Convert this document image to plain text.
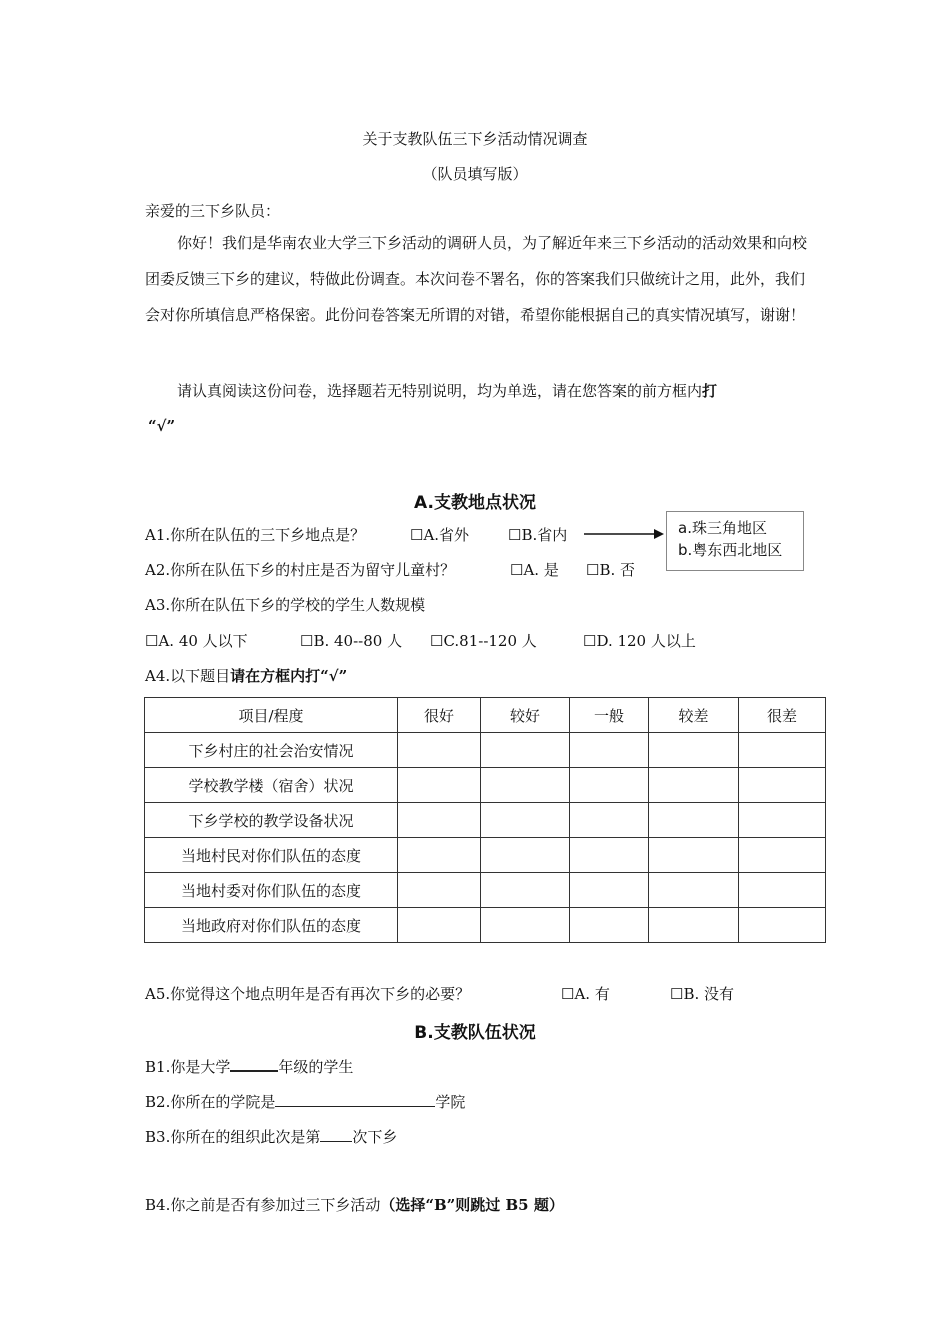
关于支教队伍三下乡活动情况调查
（队员填写版）
亲爱的三下乡队员：
你好！我们是华南农业大学三下乡活动的调研人员，为了解近年来三下乡活动的活动效果和向校团委反馈三下乡的建议，特做此份调查。本次问卷不署名，你的答案我们只做统计之用，此外，我们会对你所填信息严格保密。此份问卷答案无所谓的对错，希望你能根据自己的真实情况填写，谢谢！
请认真阅读这份问卷，选择题若无特别说明，均为单选，请在您答案的前方框内打
“√”
A.支教地点状况
A1.你所在队伍的三下乡地点是？	☐A.省外	☐B.省内	a.珠三角地区
b.粤东西北地区
A2.你所在队伍下乡的村庄是否为留守儿童村？	☐A. 是 ☐B. 否
A3.你所在队伍下乡的学校的学生人数规模
☐A. 40 人以下	☐B. 40--80 人 ☐C.81--120 人	☐D. 120 人以上
A4.以下题目请在方框内打“√”
项目/程度	很好	较好	一般	较差	很差
下乡村庄的社会治安情况					
学校教学楼（宿舍）状况					
下乡学校的教学设备状况					
当地村民对你们队伍的态度					
当地村委对你们队伍的态度					
当地政府对你们队伍的态度					
A5.你觉得这个地点明年是否有再次下乡的必要？	☐A. 有	☐B. 没有
B.支教队伍状况
B1.你是大学	年级的学生
B2.你所在的学院是	学院
B3.你所在的组织此次是第 次下乡
B4.你之前是否有参加过三下乡活动（选择“B”则跳过 B5 题）
